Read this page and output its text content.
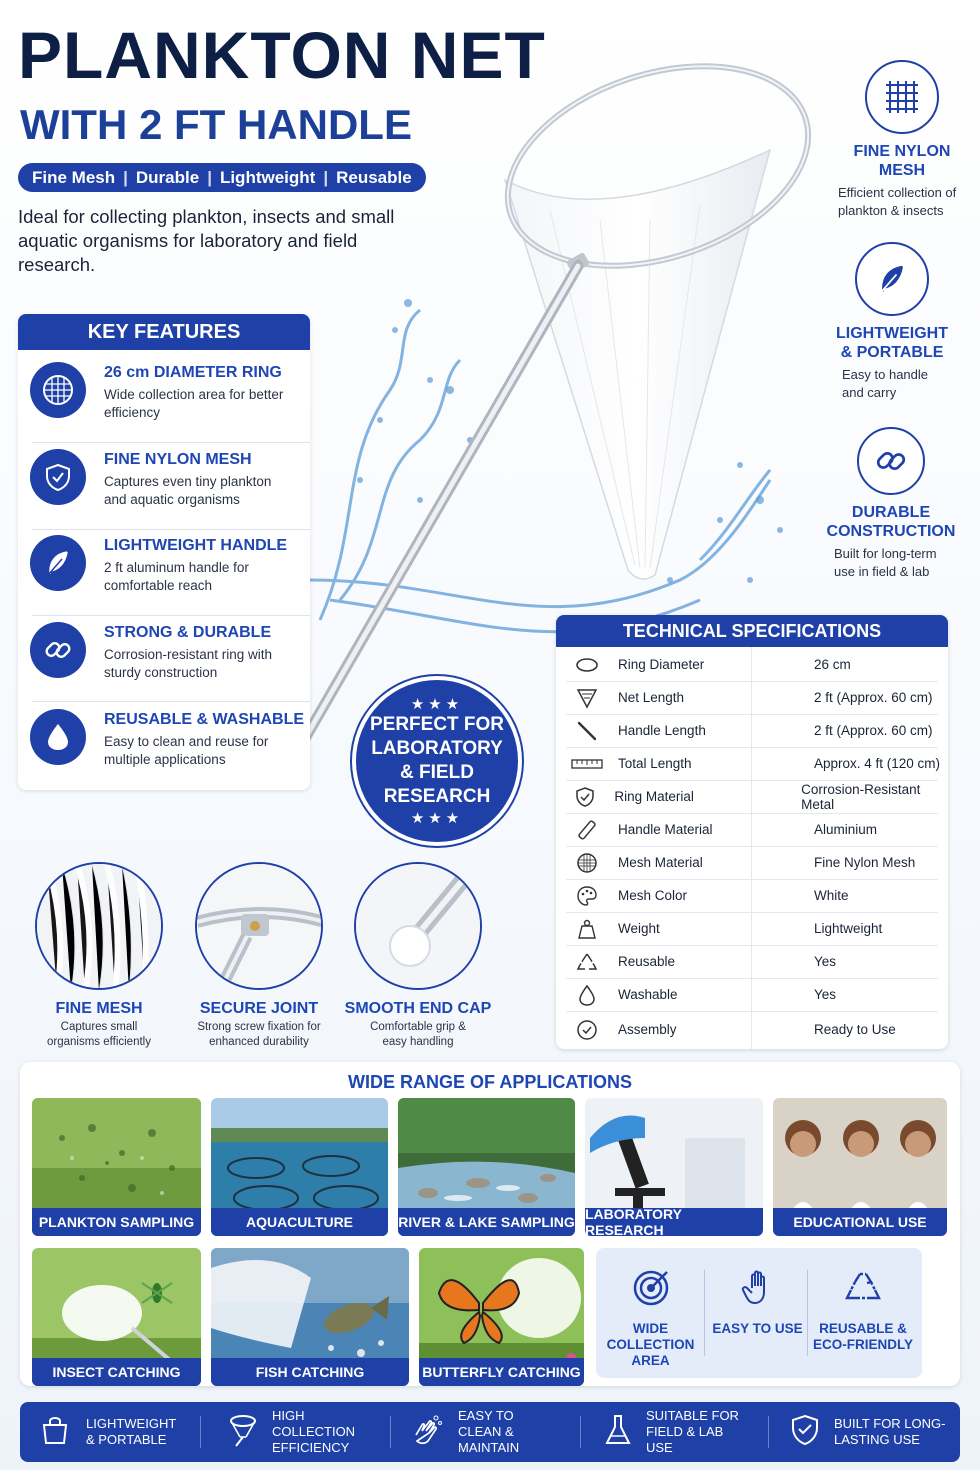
PLANKTON NET
WITH 2 FT HANDLE
Fine Mesh | Durable | Lightweight | Reusable
Ideal for collecting plankton, insects and small aquatic organisms for laboratory and field research.
KEY FEATURES
26 cm DIAMETER RING
Wide collection area for better efficiency
FINE NYLON MESH
Captures even tiny plankton and aquatic organisms
LIGHTWEIGHT HANDLE
2 ft aluminum handle for comfortable reach
STRONG & DURABLE
Corrosion-resistant ring with sturdy construction
REUSABLE & WASHABLE
Easy to clean and reuse for multiple applications
FINE NYLON MESH
Efficient collection of plankton & insects
LIGHTWEIGHT & PORTABLE
Easy to handle and carry
DURABLE CONSTRUCTION
Built for long-term use in field & lab
★★★
PERFECT FOR
LABORATORY
& FIELD
RESEARCH
★★★
FINE MESH
Captures small organisms efficiently
SECURE JOINT
Strong screw fixation for enhanced durability
SMOOTH END CAP
Comfortable grip & easy handling
TECHNICAL SPECIFICATIONS
Ring Diameter	26 cm
Net Length	2 ft (Approx. 60 cm)
Handle Length	2 ft (Approx. 60 cm)
Total Length	Approx. 4 ft (120 cm)
Ring Material	Corrosion-Resistant Metal
Handle Material	Aluminium
Mesh Material	Fine Nylon Mesh
Mesh Color	White
Weight	Lightweight
Reusable	Yes
Washable	Yes
Assembly	Ready to Use
WIDE RANGE OF APPLICATIONS
PLANKTON SAMPLING	AQUACULTURE	RIVER & LAKE SAMPLING LABORATORY RESEARCH	EDUCATIONAL USE
INSECT CATCHING	FISH CATCHING	BUTTERFLY CATCHING
WIDE COLLECTION AREA
EASY TO USE	REUSABLE & ECO-FRIENDLY
LIGHTWEIGHT & PORTABLE
HIGH COLLECTION EFFICIENCY
EASY TO CLEAN & MAINTAIN
SUITABLE FOR FIELD & LAB USE
BUILT FOR LONG-LASTING USE
